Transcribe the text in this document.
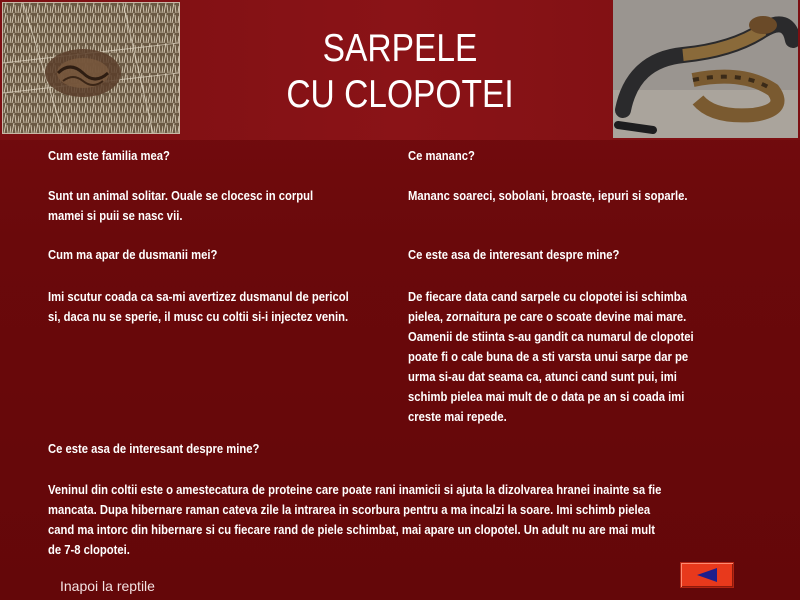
SARPELE
CU CLOPOTEI
Cum este familia mea?
Sunt un animal solitar. Ouale se clocesc in corpul
mamei si puii se nasc vii.
Ce mananc?
Mananc soareci, sobolani, broaste, iepuri si soparle.
Cum ma apar de dusmanii mei?
Imi scutur coada ca sa-mi avertizez dusmanul de pericol
si, daca nu se sperie, il musc cu coltii si-i injectez venin.
Ce este asa de interesant despre mine?
De fiecare data cand sarpele cu clopotei isi schimba
pielea, zornaitura pe care o scoate devine mai mare.
Oamenii de stiinta s-au gandit ca numarul de clopotei
poate fi o cale buna de a sti varsta unui sarpe dar pe
urma si-au dat seama ca, atunci cand sunt pui, imi
schimb pielea mai mult de o data pe an si coada imi
creste mai repede.
Ce este asa de interesant despre mine?
Veninul din coltii este o amestecatura de proteine care poate rani inamicii si ajuta la dizolvarea hranei inainte sa fie
mancata. Dupa hibernare raman cateva zile la intrarea in scorbura pentru a ma incalzi la soare. Imi schimb pielea
cand ma intorc din hibernare si cu fiecare rand de piele schimbat, mai apare un clopotel. Un adult nu are mai mult
de 7-8 clopotei.
Inapoi la reptile
